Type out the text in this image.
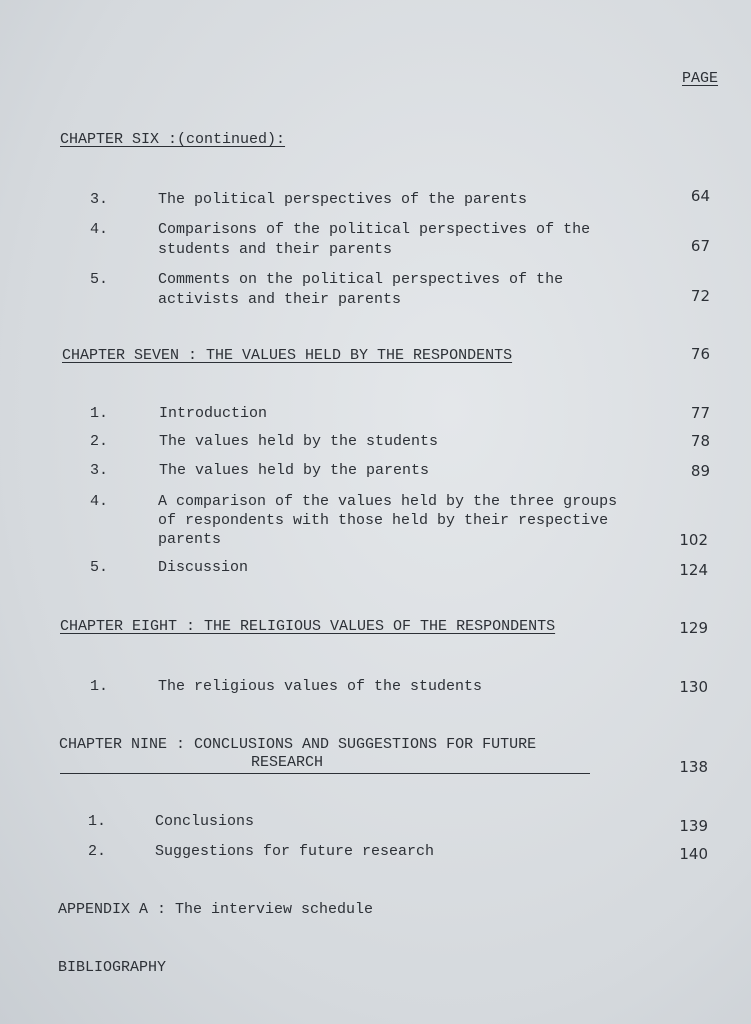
PAGE
CHAPTER SIX :(continued):
3.	The political perspectives of the parents	64
4.	Comparisons of the political perspectives of the
students and their parents	67
5.	Comments on the political perspectives of the
activists and their parents	72
CHAPTER SEVEN : THE VALUES HELD BY THE RESPONDENTS	76
1.	Introduction	77
2.	The values held by the students	78
3.	The values held by the parents	89
4.	A comparison of the values held by the three groups
of respondents with those held by their respective
parents	102
5.	Discussion	124
CHAPTER EIGHT : THE RELIGIOUS VALUES OF THE RESPONDENTS	129
1.	The religious values of the students	130
CHAPTER NINE : CONCLUSIONS AND SUGGESTIONS FOR FUTURE
RESEARCH	138
1.	Conclusions	139
2.	Suggestions for future research	140
APPENDIX A : The interview schedule
BIBLIOGRAPHY
